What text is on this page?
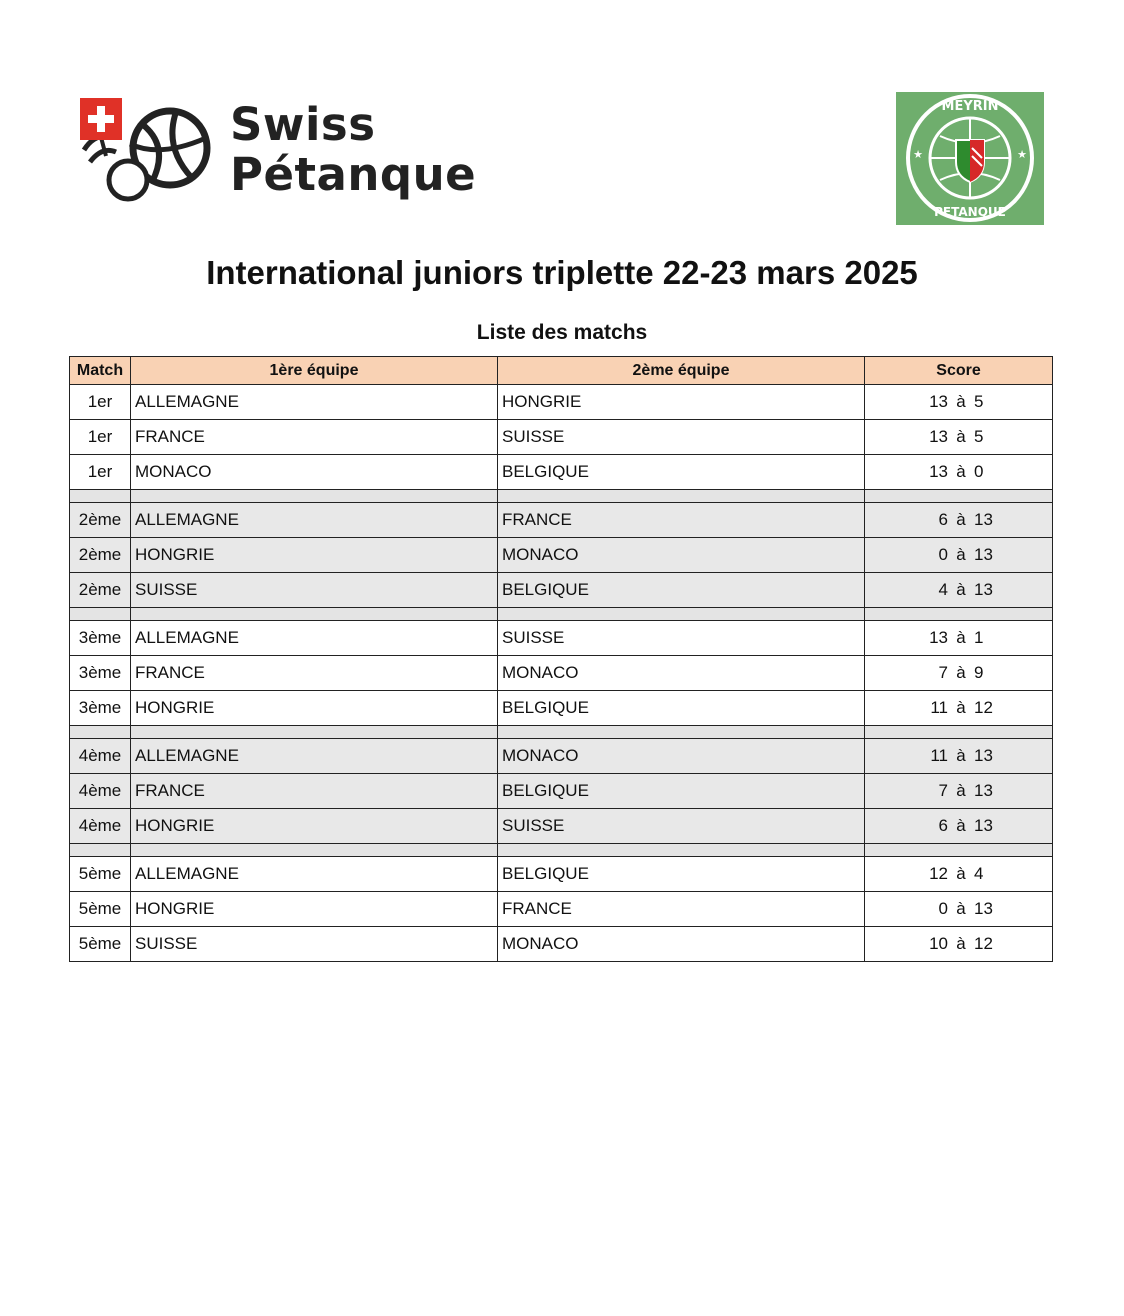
Swiss
Pétanque
MEYRIN
PETANQUE
★	★
International juniors triplette 22-23 mars 2025
Liste des matchs
Match	1ère équipe	2ème équipe	Score
1er	ALLEMAGNE	HONGRIE	13 à 5
1er	FRANCE	SUISSE	13 à 5
1er	MONACO	BELGIQUE	13 à 0

2ème	ALLEMAGNE	FRANCE	6 à 13
2ème	HONGRIE	MONACO	0 à 13
2ème	SUISSE	BELGIQUE	4 à 13

3ème	ALLEMAGNE	SUISSE	13 à 1
3ème	FRANCE	MONACO	7 à 9
3ème	HONGRIE	BELGIQUE	11 à 12

4ème	ALLEMAGNE	MONACO	11 à 13
4ème	FRANCE	BELGIQUE	7 à 13
4ème	HONGRIE	SUISSE	6 à 13

5ème	ALLEMAGNE	BELGIQUE	12 à 4
5ème	HONGRIE	FRANCE	0 à 13
5ème	SUISSE	MONACO	10 à 12
